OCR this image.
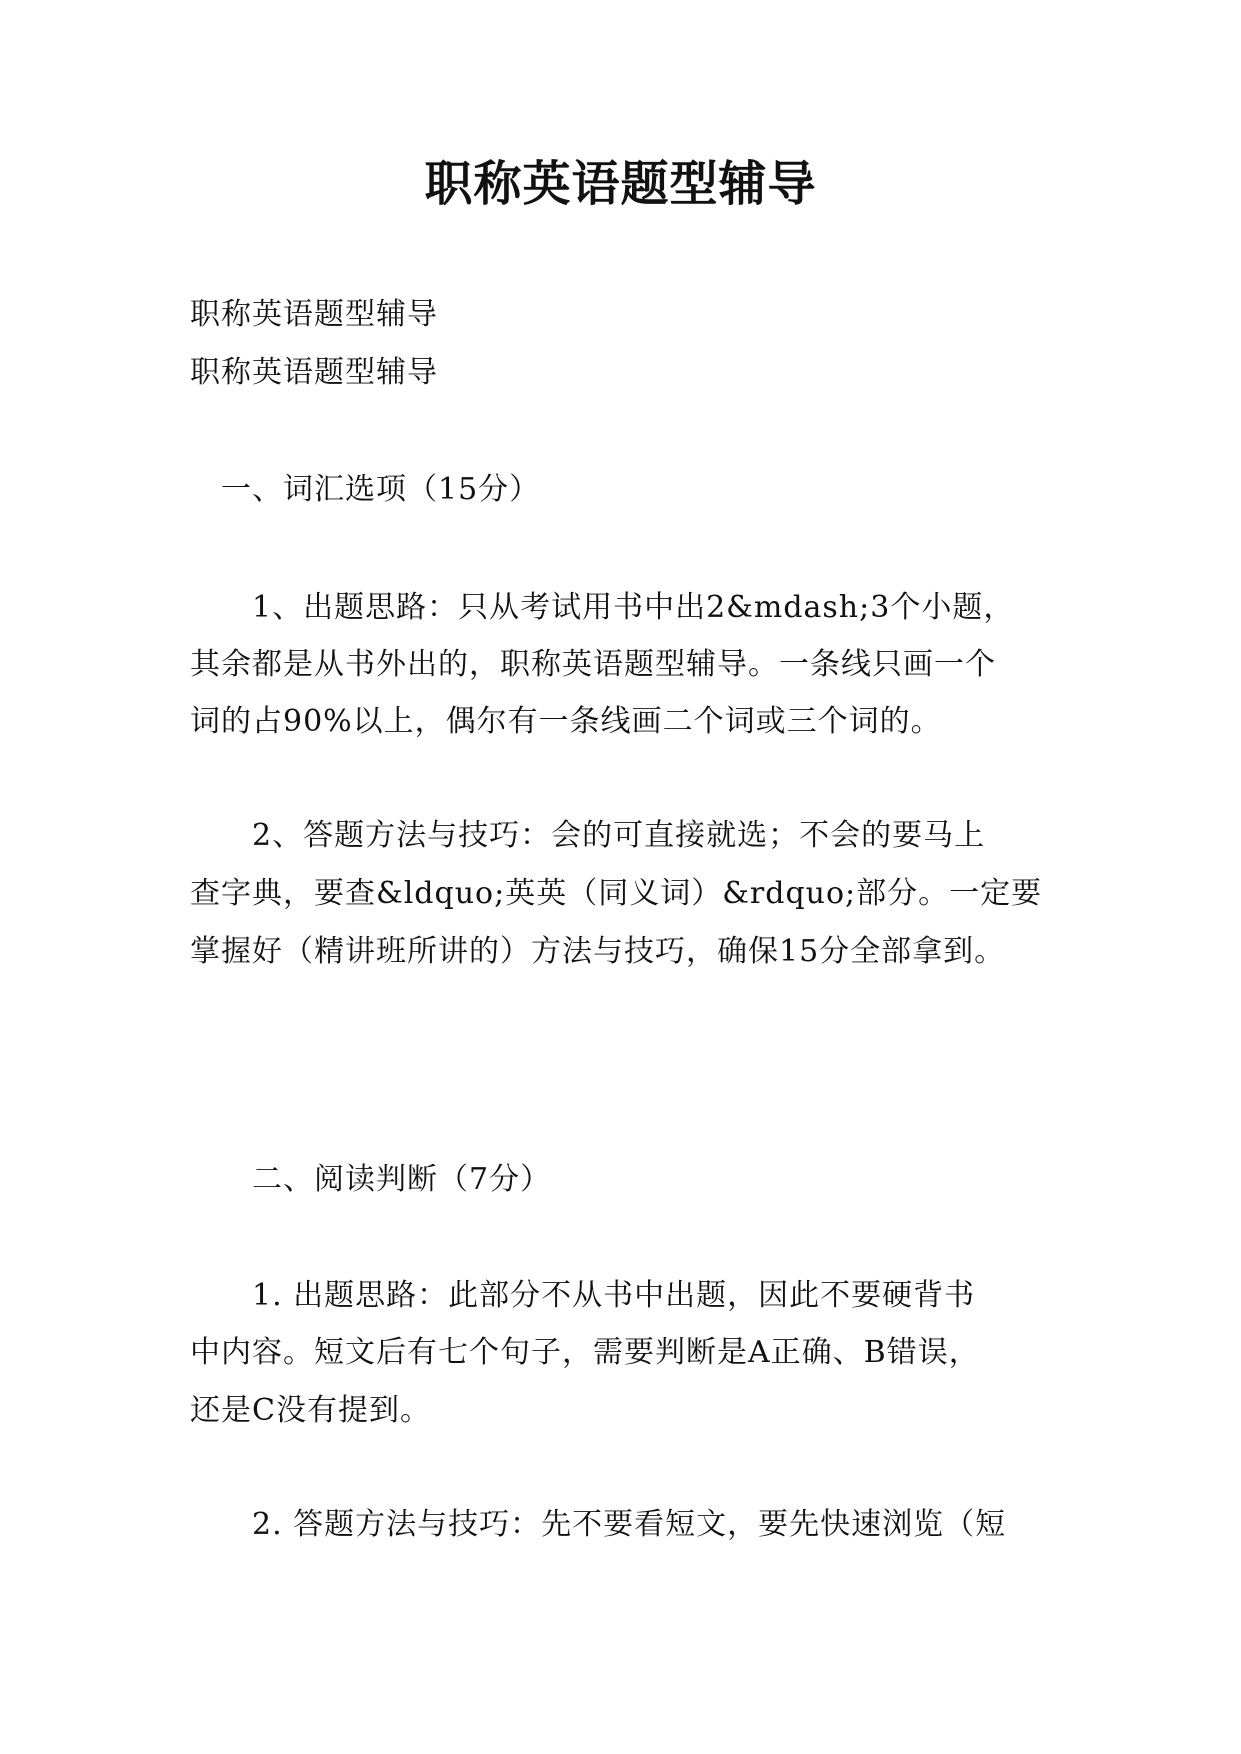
职称英语题型辅导
职称英语题型辅导
职称英语题型辅导
　一、词汇选项（15分）
　　1、出题思路：只从考试用书中出2&mdash;3个小题，
其余都是从书外出的，职称英语题型辅导。一条线只画一个
词的占90%以上，偶尔有一条线画二个词或三个词的。
　　2、答题方法与技巧：会的可直接就选；不会的要马上
查字典，要查&ldquo;英英（同义词）&rdquo;部分。一定要
掌握好（精讲班所讲的）方法与技巧，确保15分全部拿到。
　　二、阅读判断（7分）
　　1. 出题思路：此部分不从书中出题，因此不要硬背书
中内容。短文后有七个句子，需要判断是A正确、B错误，
还是C没有提到。
　　2. 答题方法与技巧：先不要看短文，要先快速浏览（短
